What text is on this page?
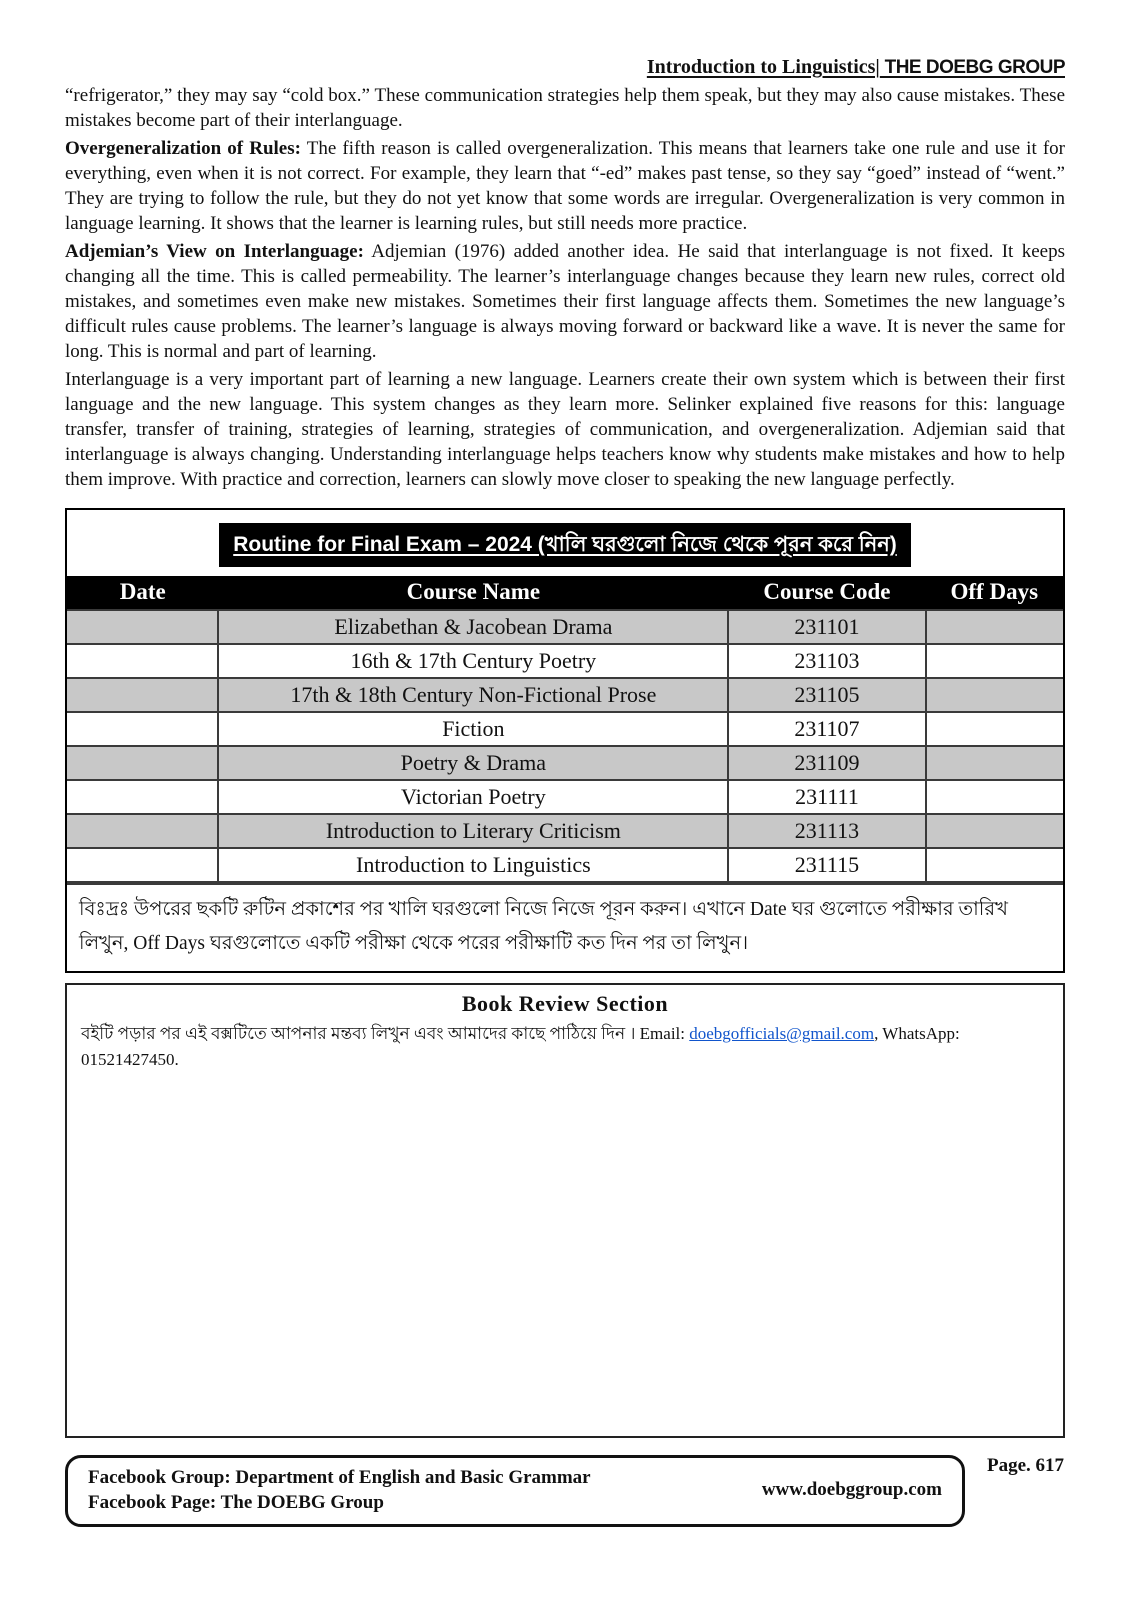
Introduction to Linguistics| THE DOEBG GROUP

“refrigerator,” they may say “cold box.” These communication strategies help them speak, but they may also cause mistakes. These mistakes become part of their interlanguage.

Overgeneralization of Rules: The fifth reason is called overgeneralization. This means that learners take one rule and use it for everything, even when it is not correct. For example, they learn that “-ed” makes past tense, so they say “goed” instead of “went.” They are trying to follow the rule, but they do not yet know that some words are irregular. Overgeneralization is very common in language learning. It shows that the learner is learning rules, but still needs more practice.

Adjemian’s View on Interlanguage: Adjemian (1976) added another idea. He said that interlanguage is not fixed. It keeps changing all the time. This is called permeability. The learner’s interlanguage changes because they learn new rules, correct old mistakes, and sometimes even make new mistakes. Sometimes their first language affects them. Sometimes the new language’s difficult rules cause problems. The learner’s language is always moving forward or backward like a wave. It is never the same for long. This is normal and part of learning.

Interlanguage is a very important part of learning a new language. Learners create their own system which is between their first language and the new language. This system changes as they learn more. Selinker explained five reasons for this: language transfer, transfer of training, strategies of learning, strategies of communication, and overgeneralization. Adjemian said that interlanguage is always changing. Understanding interlanguage helps teachers know why students make mistakes and how to help them improve. With practice and correction, learners can slowly move closer to speaking the new language perfectly.

Routine for Final Exam – 2024 (খালি ঘরগুলো নিজে থেকে পূরন করে নিন)
Date	Course Name	Course Code	Off Days
	Elizabethan & Jacobean Drama	231101	
	16th & 17th Century Poetry	231103	
	17th & 18th Century Non-Fictional Prose	231105	
	Fiction	231107	
	Poetry & Drama	231109	
	Victorian Poetry	231111	
	Introduction to Literary Criticism	231113	
	Introduction to Linguistics	231115	
বিঃদ্রঃ উপরের ছকটি রুটিন প্রকাশের পর খালি ঘরগুলো নিজে নিজে পূরন করুন। এখানে Date ঘর গুলোতে পরীক্ষার তারিখ লিখুন, Off Days ঘরগুলোতে একটি পরীক্ষা থেকে পরের পরীক্ষাটি কত দিন পর তা লিখুন।
Book Review Section
বইটি পড়ার পর এই বক্সটিতে আপনার মন্তব্য লিখুন এবং আমাদের কাছে পাঠিয়ে দিন । Email: doebgofficials@gmail.com, WhatsApp: 01521427450.
Facebook Group: Department of English and Basic Grammar
Facebook Page: The DOEBG Group
www.doebggroup.com
Page. 617
